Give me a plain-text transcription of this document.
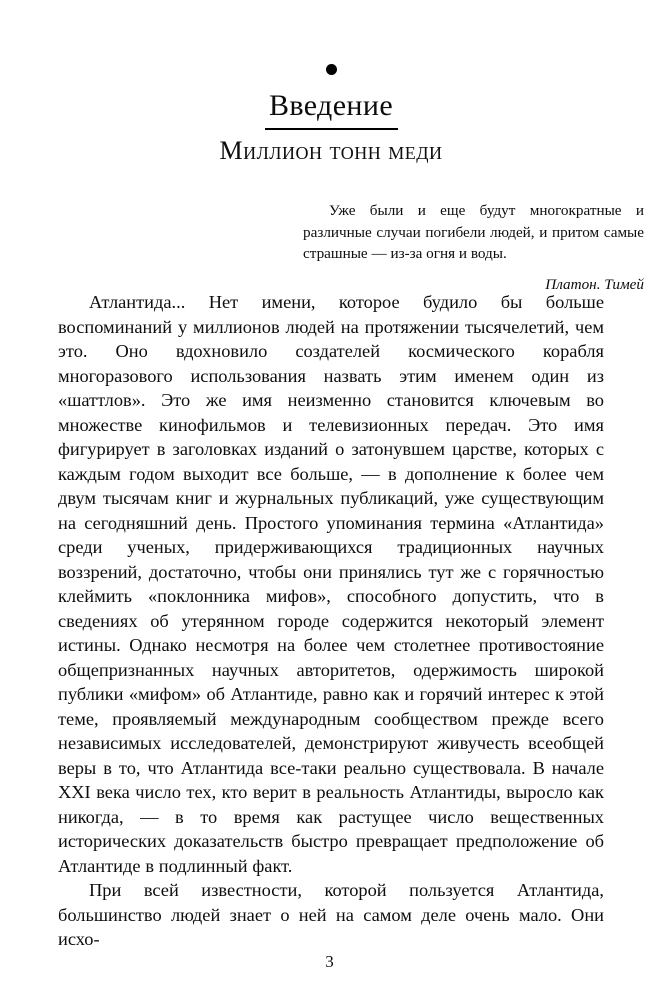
Введение
Миллион тонн меди

Уже были и еще будут многократные и различные случаи погибели людей, и притом самые страшные — из-за огня и воды.

Платон. Тимей

Атлантида... Нет имени, которое будило бы больше воспоминаний у миллионов людей на протяжении тысячелетий, чем это. Оно вдохновило создателей космического корабля многоразового использования назвать этим именем один из «шаттлов». Это же имя неизменно становится ключевым во множестве кинофильмов и телевизионных передач. Это имя фигурирует в заголовках изданий о затонувшем царстве, которых с каждым годом выходит все больше, — в дополнение к более чем двум тысячам книг и журнальных публикаций, уже существующим на сегодняшний день. Простого упоминания термина «Атлантида» среди ученых, придерживающихся традиционных научных воззрений, достаточно, чтобы они принялись тут же с горячностью клеймить «поклонника мифов», способного допустить, что в сведениях об утерянном городе содержится некоторый элемент истины. Однако несмотря на более чем столетнее противостояние общепризнанных научных авторитетов, одержимость широкой публики «мифом» об Атлантиде, равно как и горячий интерес к этой теме, проявляемый международным сообществом прежде всего независимых исследователей, демонстрируют живучесть всеобщей веры в то, что Атлантида все-таки реально существовала. В начале XXI века число тех, кто верит в реальность Атлантиды, выросло как никогда, — в то время как растущее число вещественных исторических доказательств быстро превращает предположение об Атлантиде в подлинный факт.

При всей известности, которой пользуется Атлантида, большинство людей знает о ней на самом деле очень мало. Они исхо-

3
